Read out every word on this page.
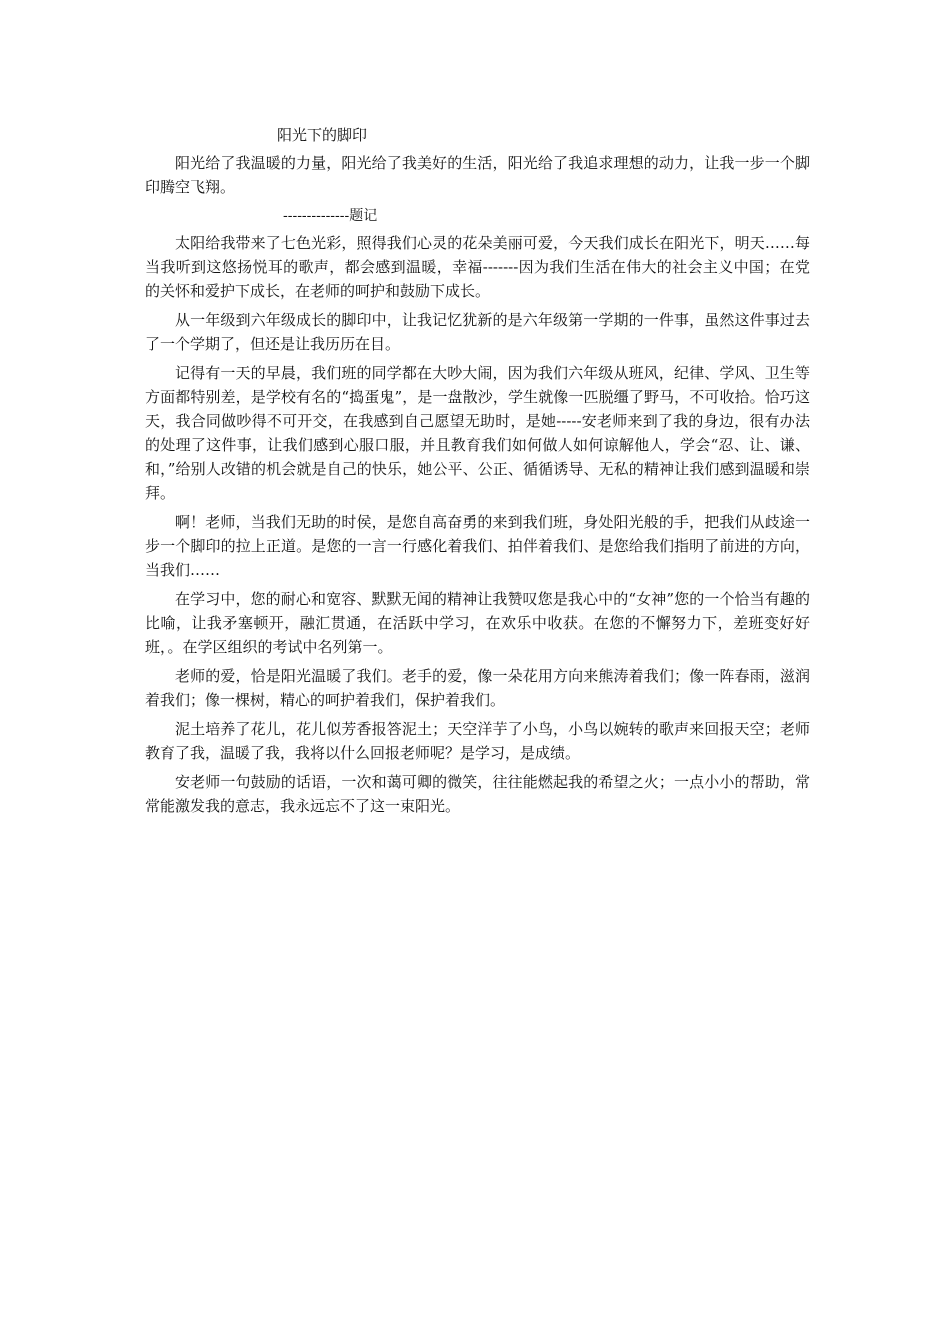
阳光下的脚印

阳光给了我温暖的力量，阳光给了我美好的生活，阳光给了我追求理想的动力，让我一步一个脚印腾空飞翔。

--------------题记

太阳给我带来了七色光彩，照得我们心灵的花朵美丽可爱，今天我们成长在阳光下，明天……每当我听到这悠扬悦耳的歌声，都会感到温暖，幸福-------因为我们生活在伟大的社会主义中国；在党的关怀和爱护下成长，在老师的呵护和鼓励下成长。

从一年级到六年级成长的脚印中，让我记忆犹新的是六年级第一学期的一件事，虽然这件事过去了一个学期了，但还是让我历历在目。

记得有一天的早晨，我们班的同学都在大吵大闹，因为我们六年级从班风，纪律、学风、卫生等方面都特别差，是学校有名的“捣蛋鬼”，是一盘散沙，学生就像一匹脱缰了野马，不可收拾。恰巧这天，我合同做吵得不可开交，在我感到自己愿望无助时，是她-----安老师来到了我的身边，很有办法的处理了这件事，让我们感到心服口服，并且教育我们如何做人如何谅解他人，学会“忍、让、谦、和，”给别人改错的机会就是自己的快乐，她公平、公正、循循诱导、无私的精神让我们感到温暖和崇拜。

啊！老师，当我们无助的时侯，是您自高奋勇的来到我们班，身处阳光般的手，把我们从歧途一步一个脚印的拉上正道。是您的一言一行感化着我们、拍伴着我们、是您给我们指明了前进的方向，当我们……

在学习中，您的耐心和宽容、默默无闻的精神让我赞叹您是我心中的“女神”您的一个恰当有趣的比喻，让我矛塞顿开，融汇贯通，在活跃中学习，在欢乐中收获。在您的不懈努力下，差班变好好班，。在学区组织的考试中名列第一。

老师的爱，恰是阳光温暖了我们。老手的爱，像一朵花用方向来熊涛着我们；像一阵春雨，滋润着我们；像一棵树，精心的呵护着我们，保护着我们。

泥土培养了花儿，花儿似芳香报答泥土；天空洋芋了小鸟，小鸟以婉转的歌声来回报天空；老师教育了我，温暖了我，我将以什么回报老师呢？是学习，是成绩。

安老师一句鼓励的话语，一次和蔼可卿的微笑，往往能燃起我的希望之火；一点小小的帮助，常常能激发我的意志，我永远忘不了这一束阳光。
